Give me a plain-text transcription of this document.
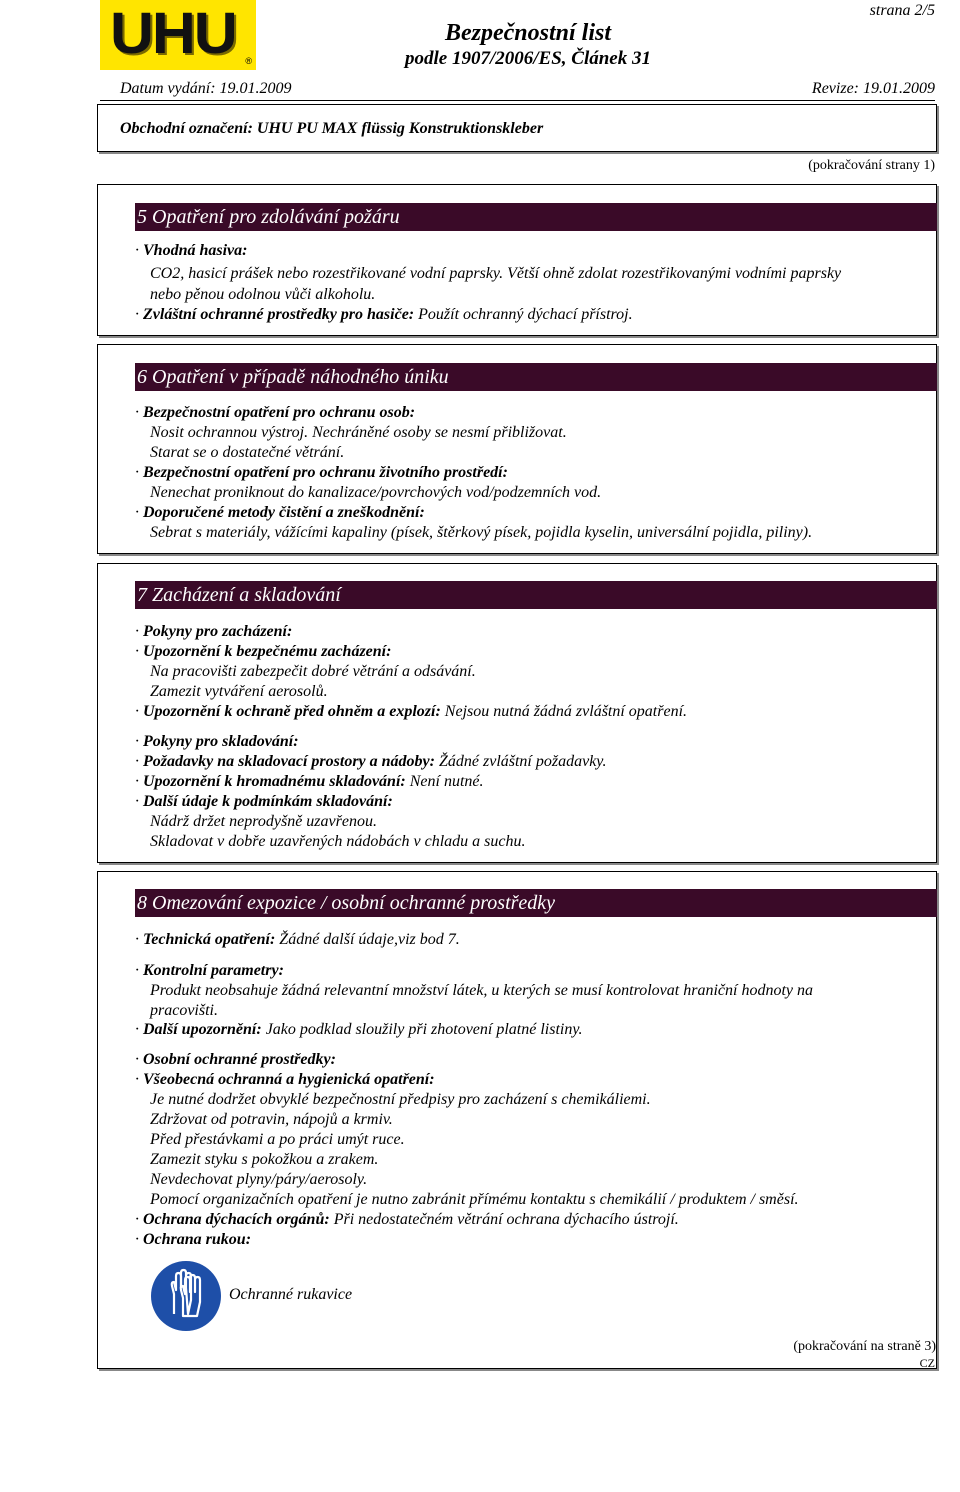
UHU ®
Bezpečnostní list
podle 1907/2006/ES, Článek 31
strana 2/5
Datum vydání: 19.01.2009	Revize: 19.01.2009
Obchodní označení: UHU PU MAX flüssig Konstruktionskleber
(pokračování strany 1)
5 Opatření pro zdolávání požáru
· Vhodná hasiva:
CO2, hasicí prášek nebo rozestřikované vodní paprsky. Větší ohně zdolat rozestřikovanými vodními paprsky
nebo pěnou odolnou vůči alkoholu.
· Zvláštní ochranné prostředky pro hasiče: Použít ochranný dýchací přístroj.
6 Opatření v případě náhodného úniku
· Bezpečnostní opatření pro ochranu osob:
Nosit ochrannou výstroj. Nechráněné osoby se nesmí přibližovat.
Starat se o dostatečné větrání.
· Bezpečnostní opatření pro ochranu životního prostředí:
Nenechat proniknout do kanalizace/povrchových vod/podzemních vod.
· Doporučené metody čistění a zneškodnění:
Sebrat s materiály, vážícími kapaliny (písek, štěrkový písek, pojidla kyselin, universální pojidla, piliny).
7 Zacházení a skladování
· Pokyny pro zacházení:
· Upozornění k bezpečnému zacházení:
Na pracovišti zabezpečit dobré větrání a odsávání.
Zamezit vytváření aerosolů.
· Upozornění k ochraně před ohněm a explozí: Nejsou nutná žádná zvláštní opatření.
· Pokyny pro skladování:
· Požadavky na skladovací prostory a nádoby: Žádné zvláštní požadavky.
· Upozornění k hromadnému skladování: Není nutné.
· Další údaje k podmínkám skladování:
Nádrž držet neprodyšně uzavřenou.
Skladovat v dobře uzavřených nádobách v chladu a suchu.
8 Omezování expozice / osobní ochranné prostředky
· Technická opatření: Žádné další údaje,viz bod 7.
· Kontrolní parametry:
Produkt neobsahuje žádná relevantní množství látek, u kterých se musí kontrolovat hraniční hodnoty na
pracovišti.
· Další upozornění: Jako podklad sloužily při zhotovení platné listiny.
· Osobní ochranné prostředky:
· Všeobecná ochranná a hygienická opatření:
Je nutné dodržet obvyklé bezpečnostní předpisy pro zacházení s chemikáliemi.
Zdržovat od potravin, nápojů a krmiv.
Před přestávkami a po práci umýt ruce.
Zamezit styku s pokožkou a zrakem.
Nevdechovat plyny/páry/aerosoly.
Pomocí organizačních opatření je nutno zabránit přímému kontaktu s chemikálií / produktem / směsí.
· Ochrana dýchacích orgánů: Při nedostatečném větrání ochrana dýchacího ústrojí.
· Ochrana rukou:
Ochranné rukavice
(pokračování na straně 3)
CZ
